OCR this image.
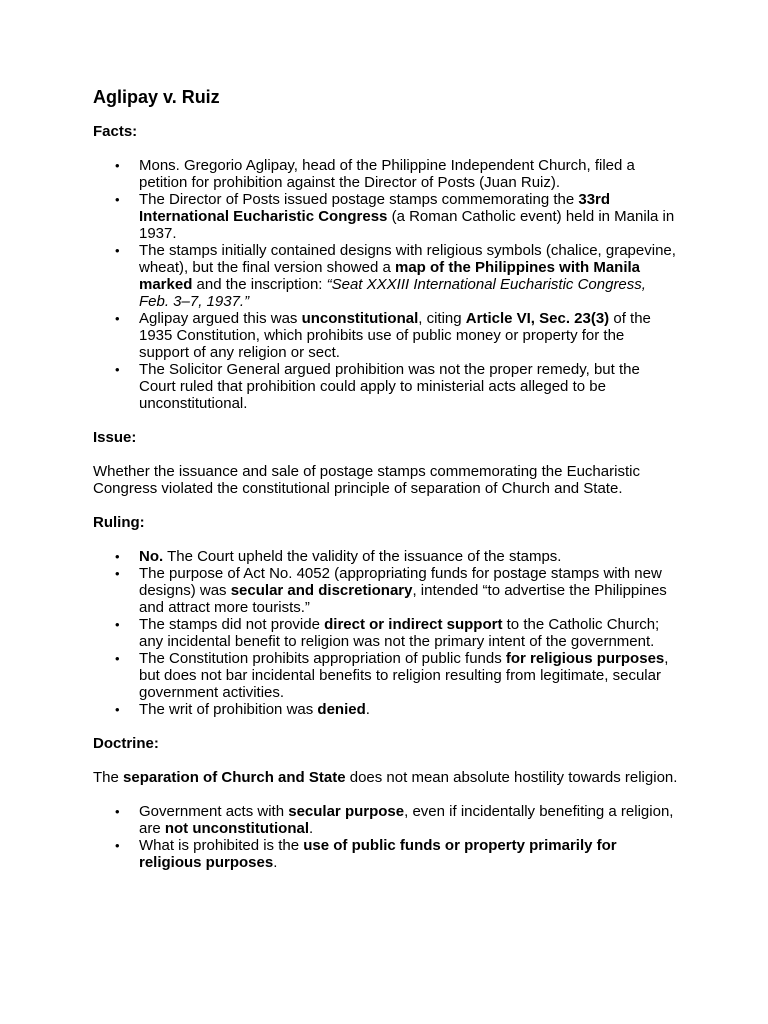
Aglipay v. Ruiz

Facts:

• Mons. Gregorio Aglipay, head of the Philippine Independent Church, filed a petition for prohibition against the Director of Posts (Juan Ruiz).
• The Director of Posts issued postage stamps commemorating the 33rd International Eucharistic Congress (a Roman Catholic event) held in Manila in 1937.
• The stamps initially contained designs with religious symbols (chalice, grapevine, wheat), but the final version showed a map of the Philippines with Manila marked and the inscription: “Seat XXXIII International Eucharistic Congress, Feb. 3–7, 1937.”
• Aglipay argued this was unconstitutional, citing Article VI, Sec. 23(3) of the 1935 Constitution, which prohibits use of public money or property for the support of any religion or sect.
• The Solicitor General argued prohibition was not the proper remedy, but the Court ruled that prohibition could apply to ministerial acts alleged to be unconstitutional.

Issue:

Whether the issuance and sale of postage stamps commemorating the Eucharistic Congress violated the constitutional principle of separation of Church and State.

Ruling:

• No. The Court upheld the validity of the issuance of the stamps.
• The purpose of Act No. 4052 (appropriating funds for postage stamps with new designs) was secular and discretionary, intended “to advertise the Philippines and attract more tourists.”
• The stamps did not provide direct or indirect support to the Catholic Church; any incidental benefit to religion was not the primary intent of the government.
• The Constitution prohibits appropriation of public funds for religious purposes, but does not bar incidental benefits to religion resulting from legitimate, secular government activities.
• The writ of prohibition was denied.

Doctrine:

The separation of Church and State does not mean absolute hostility towards religion.

• Government acts with secular purpose, even if incidentally benefiting a religion, are not unconstitutional.
• What is prohibited is the use of public funds or property primarily for religious purposes.
